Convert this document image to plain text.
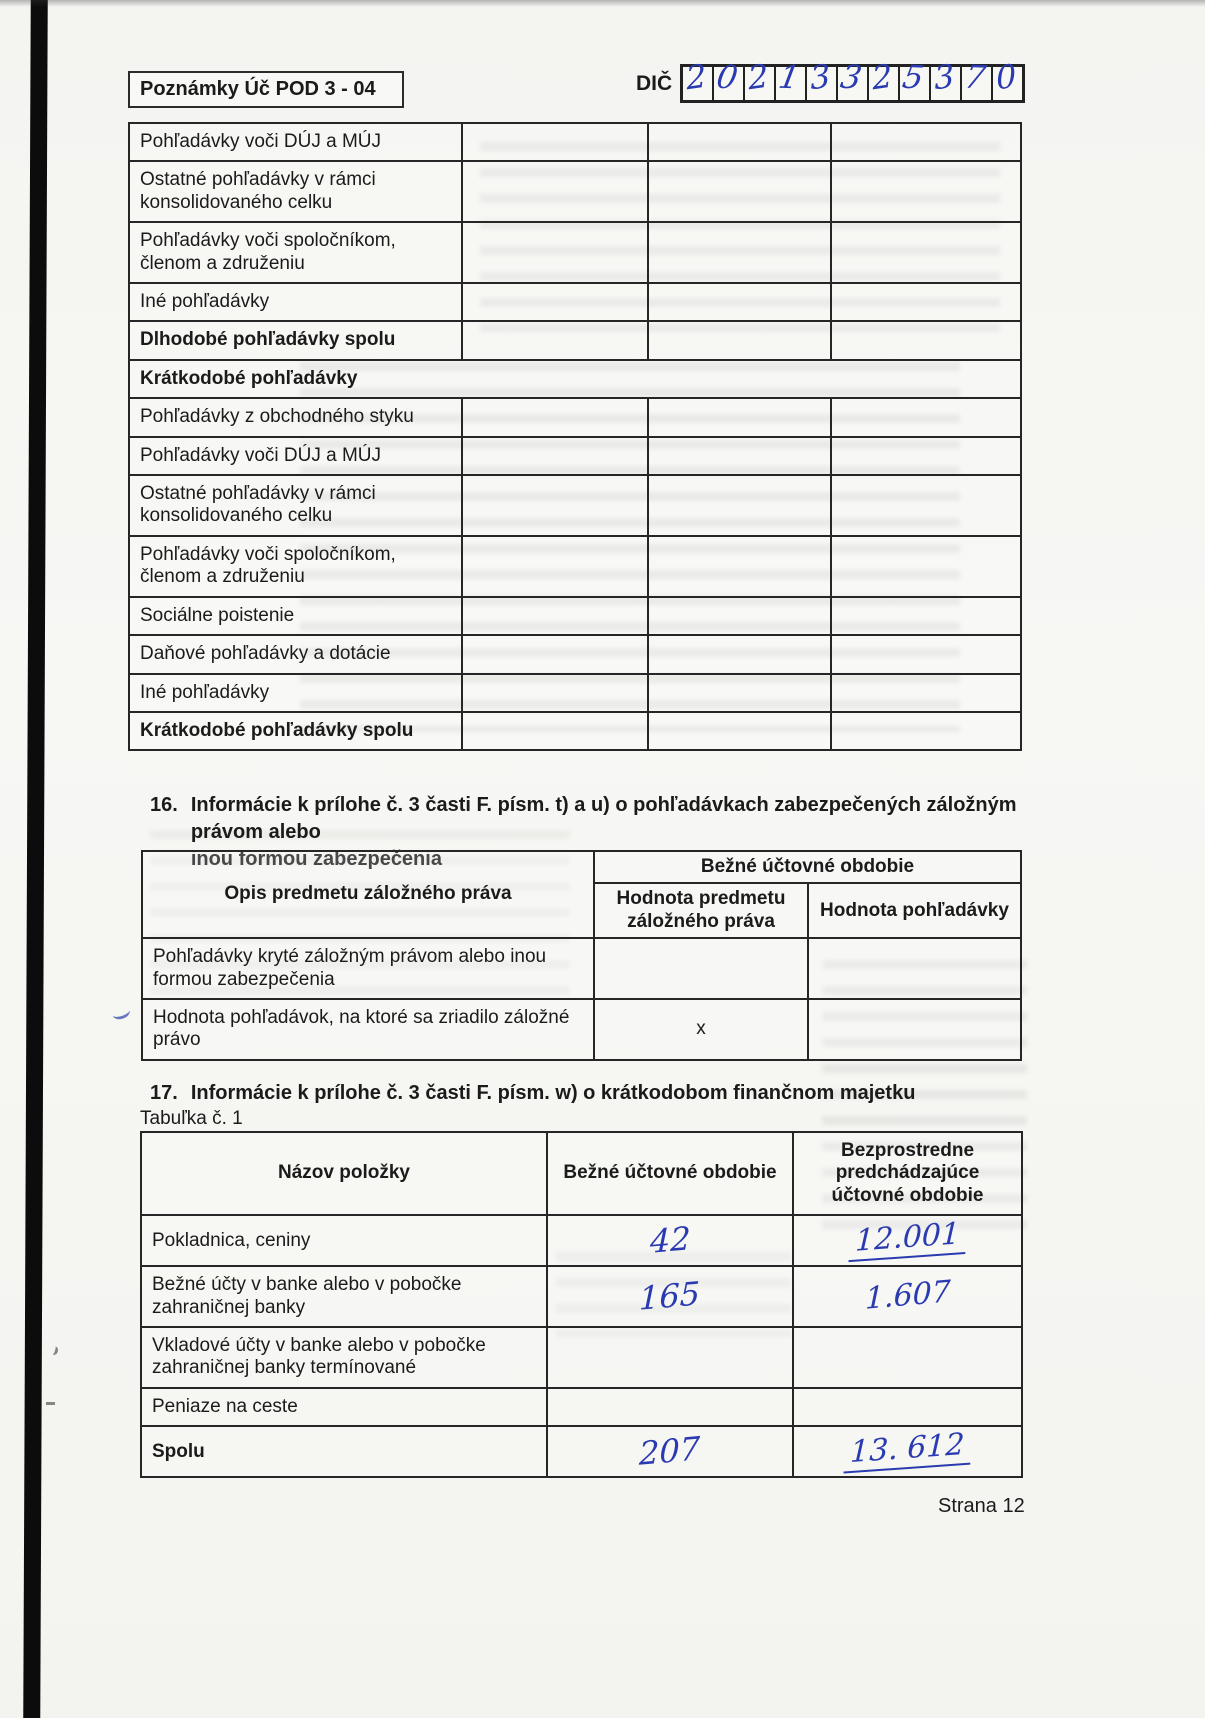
Poznámky Úč POD 3 - 04	DIČ 2 0 2 1 3 3 2 5 3 7 0
Pohľadávky voči DÚJ a MÚJ			
Ostatné pohľadávky v rámci konsolidovaného celku			
Pohľadávky voči spoločníkom, členom a združeniu			
Iné pohľadávky			
Dlhodobé pohľadávky spolu			
Krátkodobé pohľadávky			
Pohľadávky z obchodného styku			
Pohľadávky voči DÚJ a MÚJ			
Ostatné pohľadávky v rámci konsolidovaného celku			
Pohľadávky voči spoločníkom, členom a združeniu			
Sociálne poistenie			
Daňové pohľadávky a dotácie			
Iné pohľadávky			
Krátkodobé pohľadávky spolu			
16. Informácie k prílohe č. 3 časti F. písm. t) a u) o pohľadávkach zabezpečených záložným právom alebo
inou formou zabezpečenia
Opis predmetu záložného práva	Bežné účtovné obdobie	
	Hodnota predmetu záložného práva	Hodnota pohľadávky
Pohľadávky kryté záložným právom alebo inou formou zabezpečenia		
Hodnota pohľadávok, na ktoré sa zriadilo záložné právo	x	
17. Informácie k prílohe č. 3 časti F. písm. w) o krátkodobom finančnom majetku
Tabuľka č. 1
Názov položky	Bežné účtovné obdobie	Bezprostredne predchádzajúce účtovné obdobie
Pokladnica, ceniny	42	12.001
Bežné účty v banke alebo v pobočke zahraničnej banky	165	1.607
Vkladové účty v banke alebo v pobočke zahraničnej banky termínované		
Peniaze na ceste		
Spolu	207	13. 612
Strana 12
